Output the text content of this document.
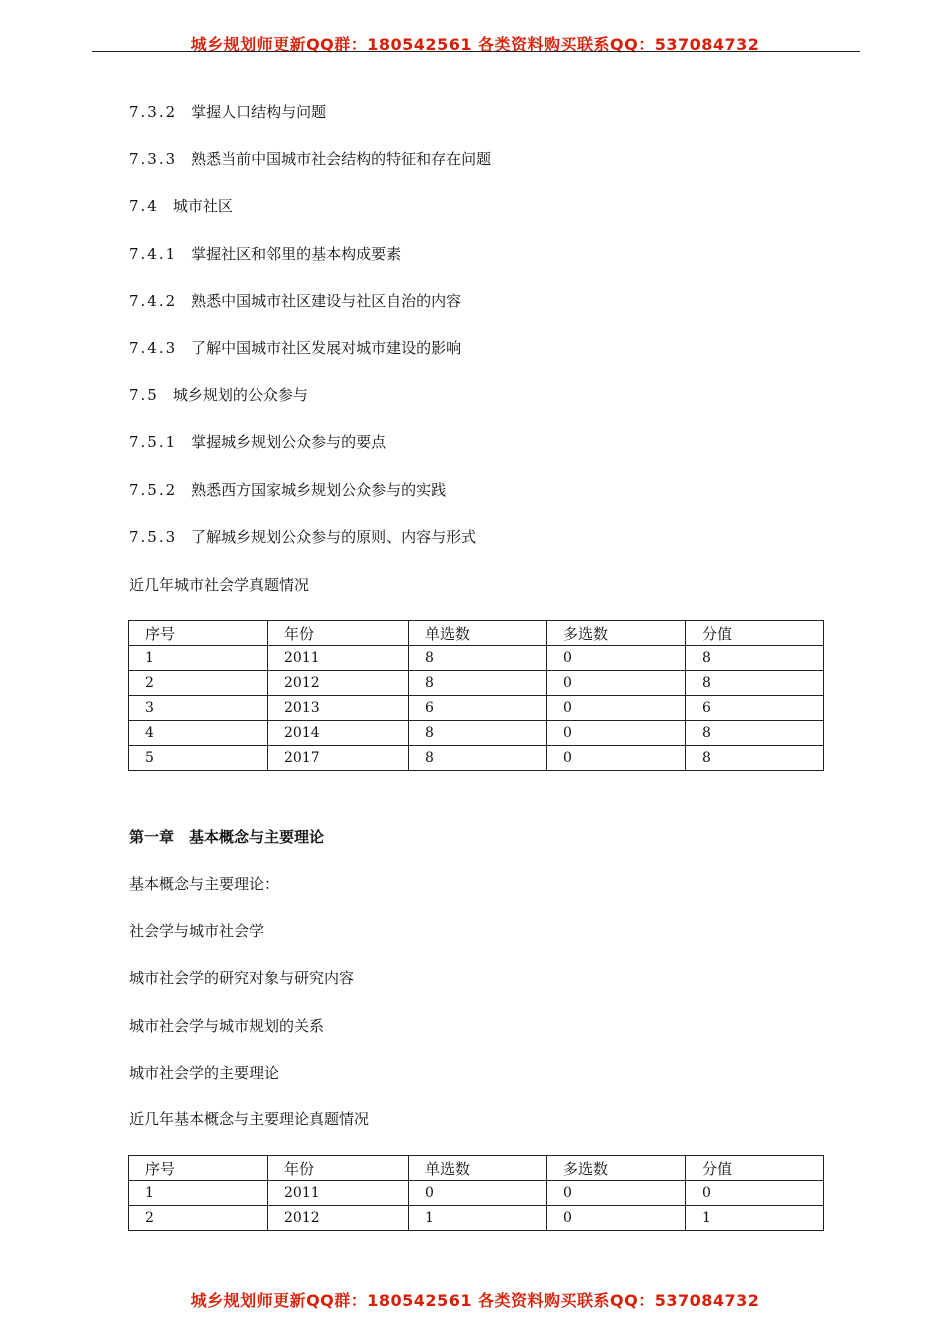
城乡规划师更新QQ群：180542561 各类资料购买联系QQ：537084732
7.3.2 掌握人口结构与问题
7.3.3 熟悉当前中国城市社会结构的特征和存在问题
7.4 城市社区
7.4.1 掌握社区和邻里的基本构成要素
7.4.2 熟悉中国城市社区建设与社区自治的内容
7.4.3 了解中国城市社区发展对城市建设的影响
7.5 城乡规划的公众参与
7.5.1 掌握城乡规划公众参与的要点
7.5.2 熟悉西方国家城乡规划公众参与的实践
7.5.3 了解城乡规划公众参与的原则、内容与形式
近几年城市社会学真题情况
序号	年份	单选数	多选数	分值
1	2011	8	0	8
2	2012	8	0	8
3	2013	6	0	6
4	2014	8	0	8
5	2017	8	0	8
第一章　基本概念与主要理论
基本概念与主要理论：
社会学与城市社会学
城市社会学的研究对象与研究内容
城市社会学与城市规划的关系
城市社会学的主要理论
近几年基本概念与主要理论真题情况
序号	年份	单选数	多选数	分值
1	2011	0	0	0
2	2012	1	0	1
城乡规划师更新QQ群：180542561 各类资料购买联系QQ：537084732
